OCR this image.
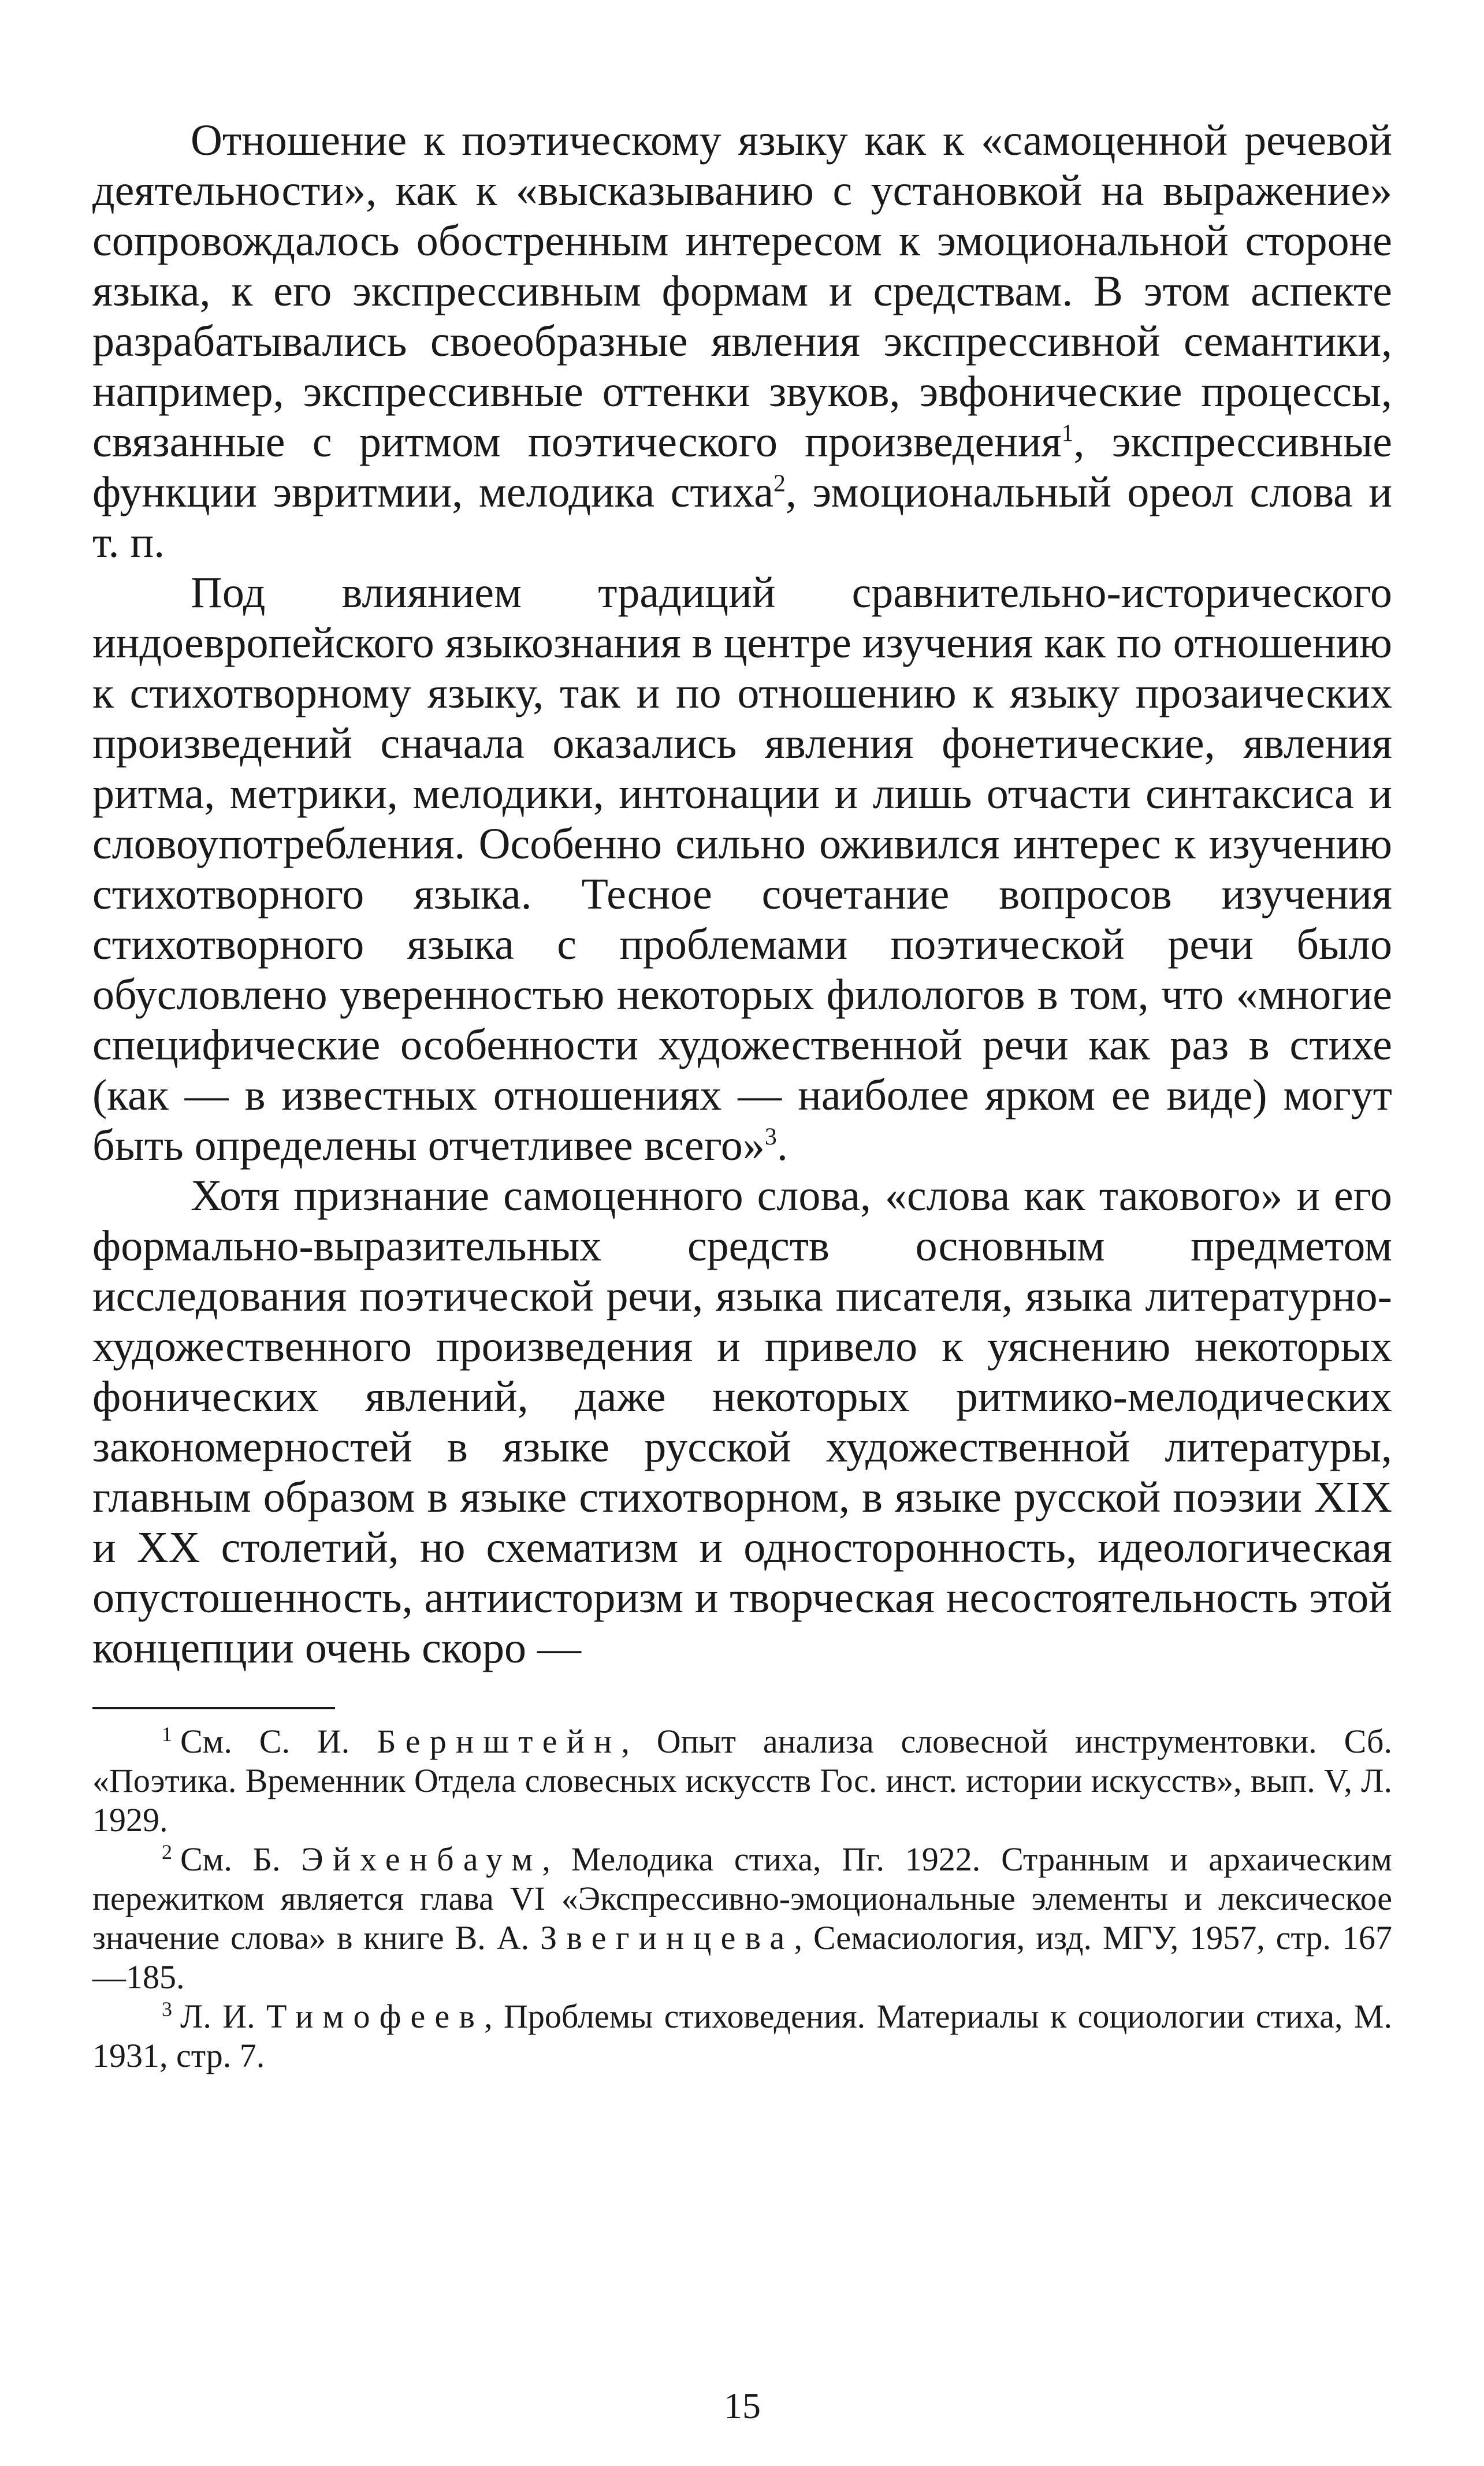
Отношение к поэтическому языку как к «самоценной речевой деятельности», как к «высказыванию с установкой на выражение» сопровождалось обостренным интересом к эмоциональной стороне языка, к его экспрессивным формам и средствам. В этом аспекте разрабатывались своеобразные явления экспрессивной семантики, например, экспрессивные оттенки звуков, эвфонические процессы, связанные с ритмом поэтического произведения$^1$, экспрессивные функции эвритмии, мелодика стиха$^2$, эмоциональный ореол слова и т. п.

Под влиянием традиций сравнительно-исторического индоевропейского языкознания в центре изучения как по отношению к стихотворному языку, так и по отношению к языку прозаических произведений сначала оказались явления фонетические, явления ритма, метрики, мелодики, интонации и лишь отчасти синтаксиса и словоупотребления. Особенно сильно оживился интерес к изучению стихотворного языка. Тесное сочетание вопросов изучения стихотворного языка с проблемами поэтической речи было обусловлено уверенностью некоторых филологов в том, что «многие специфические особенности художественной речи как раз в стихе (как — в известных отношениях — наиболее ярком ее виде) могут быть определены отчетливее всего»$^3$.

Хотя признание самоценного слова, «слова как такового» и его формально-выразительных средств основным предметом исследования поэтической речи, языка писателя, языка литературно-художественного произведения и привело к уяснению некоторых фонических явлений, даже некоторых ритмико-мелодических закономерностей в языке русской художественной литературы, главным образом в языке стихотворном, в языке русской поэзии XIX и XX столетий, но схематизм и односторонность, идеологическая опустошенность, антиисторизм и творческая несостоятельность этой концепции очень скоро —

$^1$ См. С. И. Бернштейн, Опыт анализа словесной инструментовки. Сб. «Поэтика. Временник Отдела словесных искусств Гос. инст. истории искусств», вып. V, Л. 1929.

$^2$ См. Б. Эйхенбаум, Мелодика стиха, Пг. 1922. Странным и архаическим пережитком является глава VI «Экспрессивно-эмоциональные элементы и лексическое значение слова» в книге В. А. Звегинцева, Семасиология, изд. МГУ, 1957, стр. 167—185.

$^3$ Л. И. Тимофеев, Проблемы стиховедения. Материалы к социологии стиха, М. 1931, стр. 7.

15
